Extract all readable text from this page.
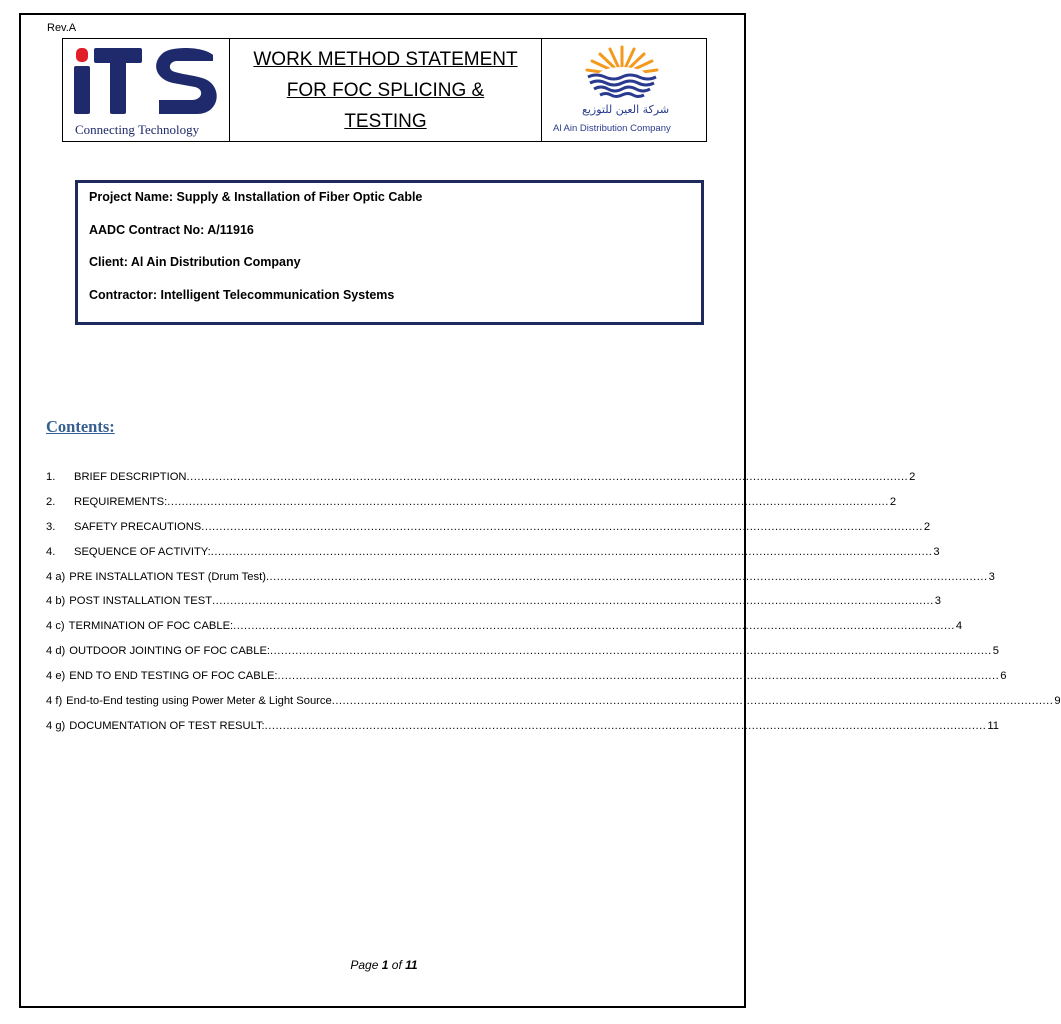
Rev.A
Connecting Technology
WORK METHOD STATEMENT
FOR FOC SPLICING &
TESTING
شركة العين للتوزيع
Al Ain Distribution Company
Project Name: Supply & Installation of Fiber Optic Cable
AADC Contract No: A/11916
Client: Al Ain Distribution Company
Contractor: Intelligent Telecommunication Systems
Contents:
1.	BRIEF DESCRIPTION ........................................................................................................................................................................................................ 2
2.	REQUIREMENTS: ........................................................................................................................................................................................................ 2
3.	SAFETY PRECAUTIONS ........................................................................................................................................................................................................ 2
4.	SEQUENCE OF ACTIVITY: ........................................................................................................................................................................................................ 3
4 a) PRE INSTALLATION TEST (Drum Test) ........................................................................................................................................................................................................ 3
4 b) POST INSTALLATION TEST ........................................................................................................................................................................................................ 3
4 c) TERMINATION OF FOC CABLE: ........................................................................................................................................................................................................ 4
4 d) OUTDOOR JOINTING OF FOC CABLE: ........................................................................................................................................................................................................ 5
4 e) END TO END TESTING OF FOC CABLE: ........................................................................................................................................................................................................ 6
4 f) End-to-End testing using Power Meter & Light Source ........................................................................................................................................................................................................ 9
4 g) DOCUMENTATION OF TEST RESULT: ........................................................................................................................................................................................................ 11
Page 1 of 11
